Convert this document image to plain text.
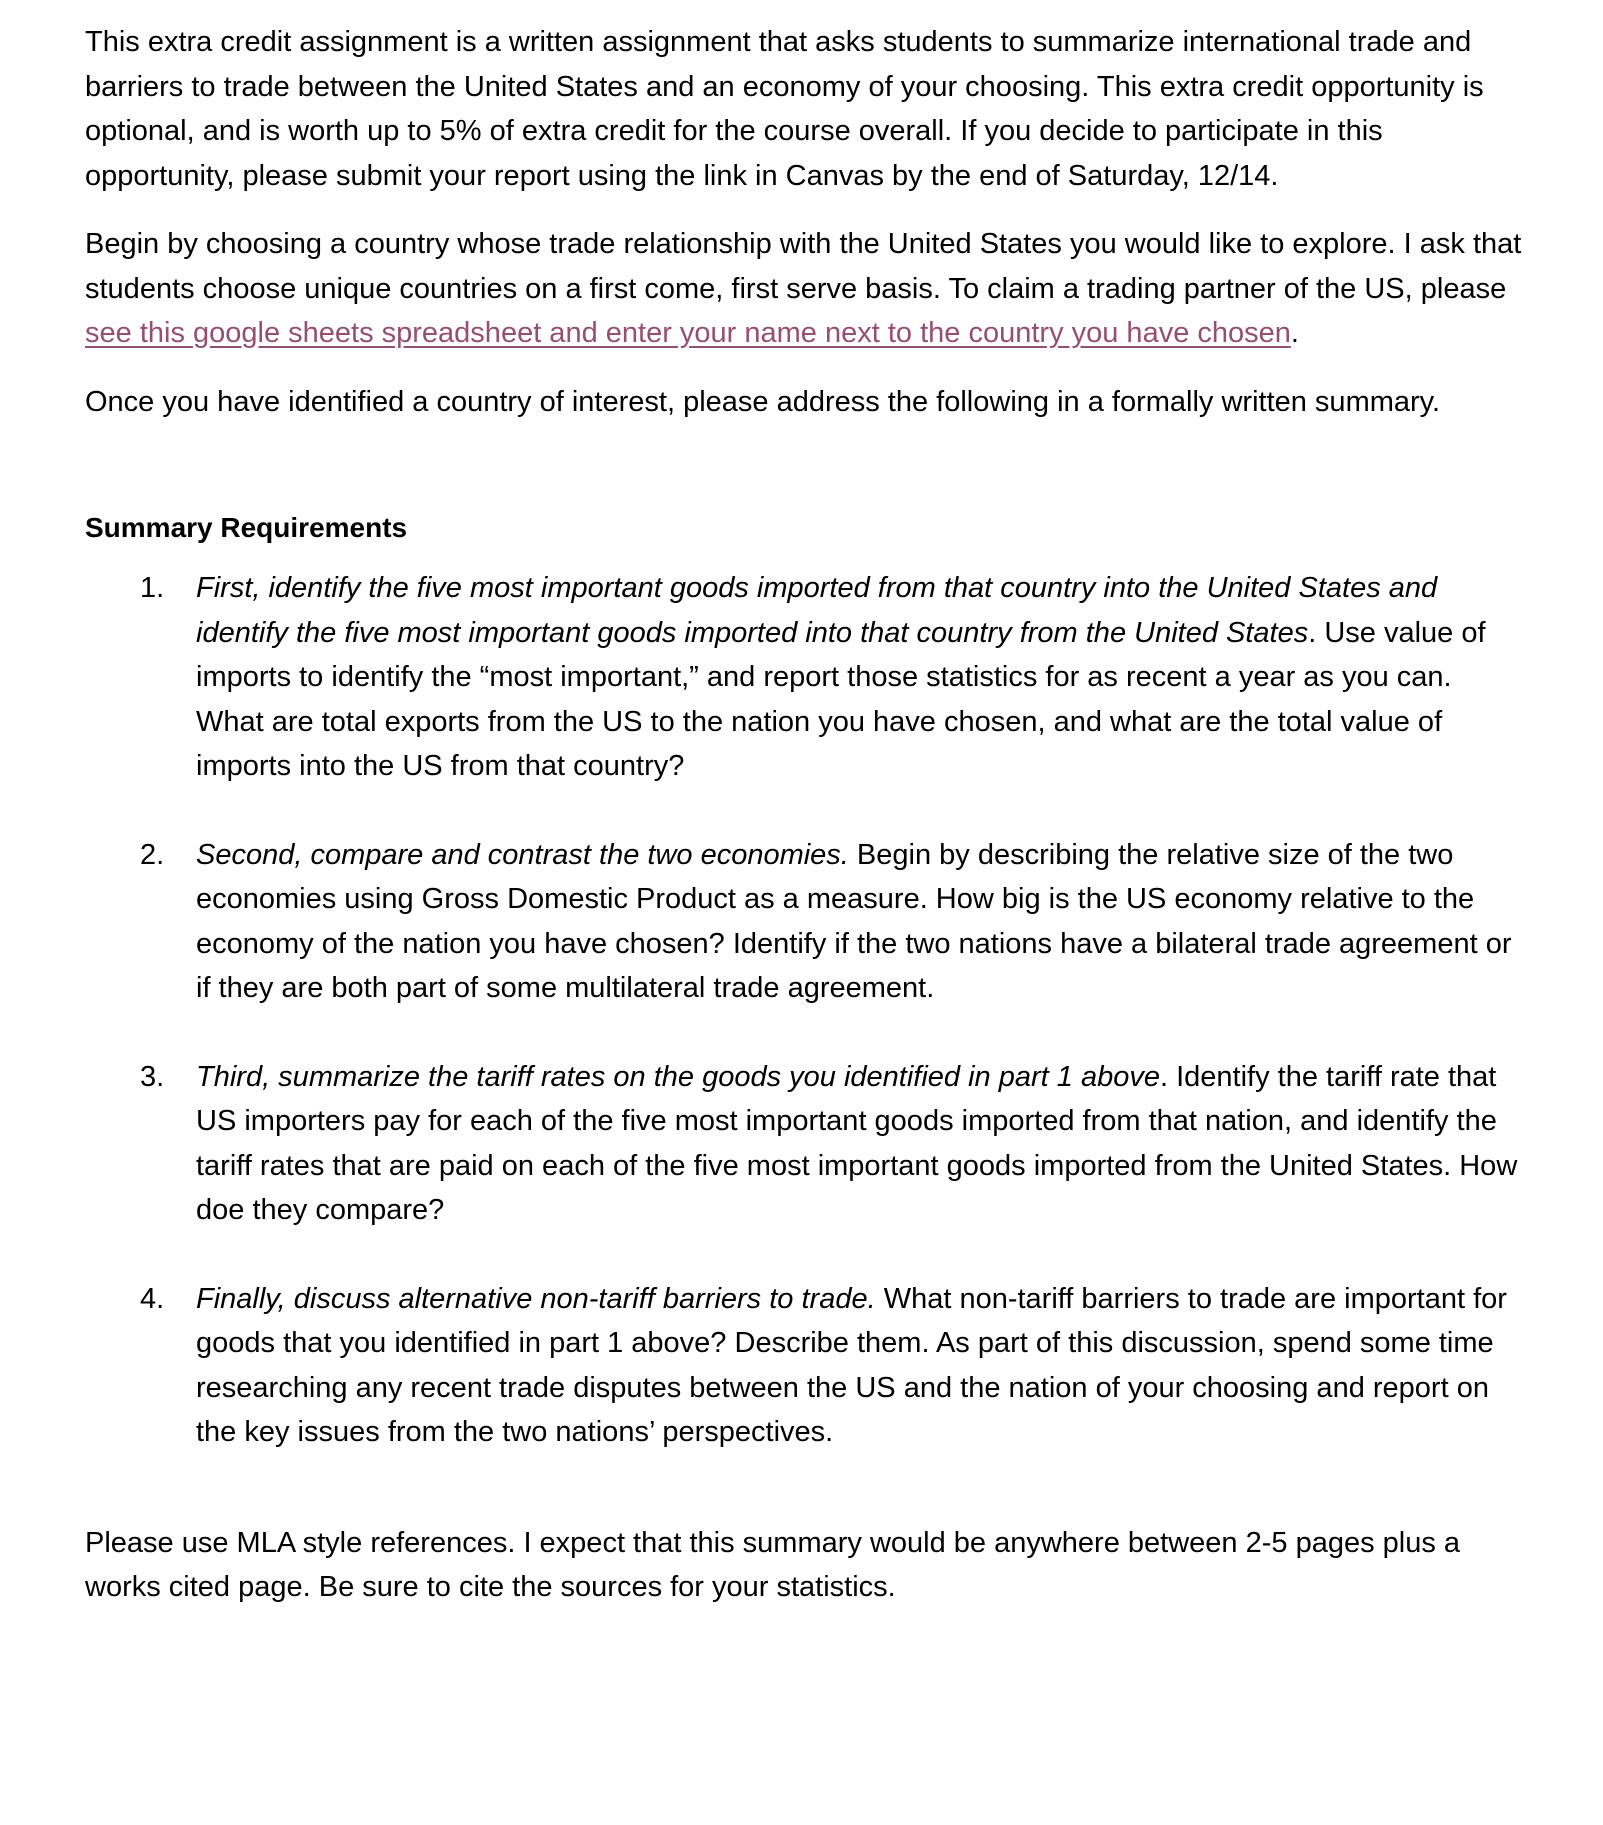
This extra credit assignment is a written assignment that asks students to summarize international trade and barriers to trade between the United States and an economy of your choosing. This extra credit opportunity is optional, and is worth up to 5% of extra credit for the course overall. If you decide to participate in this opportunity, please submit your report using the link in Canvas by the end of Saturday, 12/14.

Begin by choosing a country whose trade relationship with the United States you would like to explore. I ask that students choose unique countries on a first come, first serve basis. To claim a trading partner of the US, please see this google sheets spreadsheet and enter your name next to the country you have chosen.

Once you have identified a country of interest, please address the following in a formally written summary.

Summary Requirements
1. First, identify the five most important goods imported from that country into the United States and identify the five most important goods imported into that country from the United States. Use value of imports to identify the “most important,” and report those statistics for as recent a year as you can. What are total exports from the US to the nation you have chosen, and what are the total value of imports into the US from that country?
2. Second, compare and contrast the two economies. Begin by describing the relative size of the two economies using Gross Domestic Product as a measure. How big is the US economy relative to the economy of the nation you have chosen? Identify if the two nations have a bilateral trade agreement or if they are both part of some multilateral trade agreement.
3. Third, summarize the tariff rates on the goods you identified in part 1 above. Identify the tariff rate that US importers pay for each of the five most important goods imported from that nation, and identify the tariff rates that are paid on each of the five most important goods imported from the United States. How doe they compare?
4. Finally, discuss alternative non-tariff barriers to trade. What non-tariff barriers to trade are important for goods that you identified in part 1 above? Describe them. As part of this discussion, spend some time researching any recent trade disputes between the US and the nation of your choosing and report on the key issues from the two nations’ perspectives.

Please use MLA style references. I expect that this summary would be anywhere between 2-5 pages plus a works cited page. Be sure to cite the sources for your statistics.
